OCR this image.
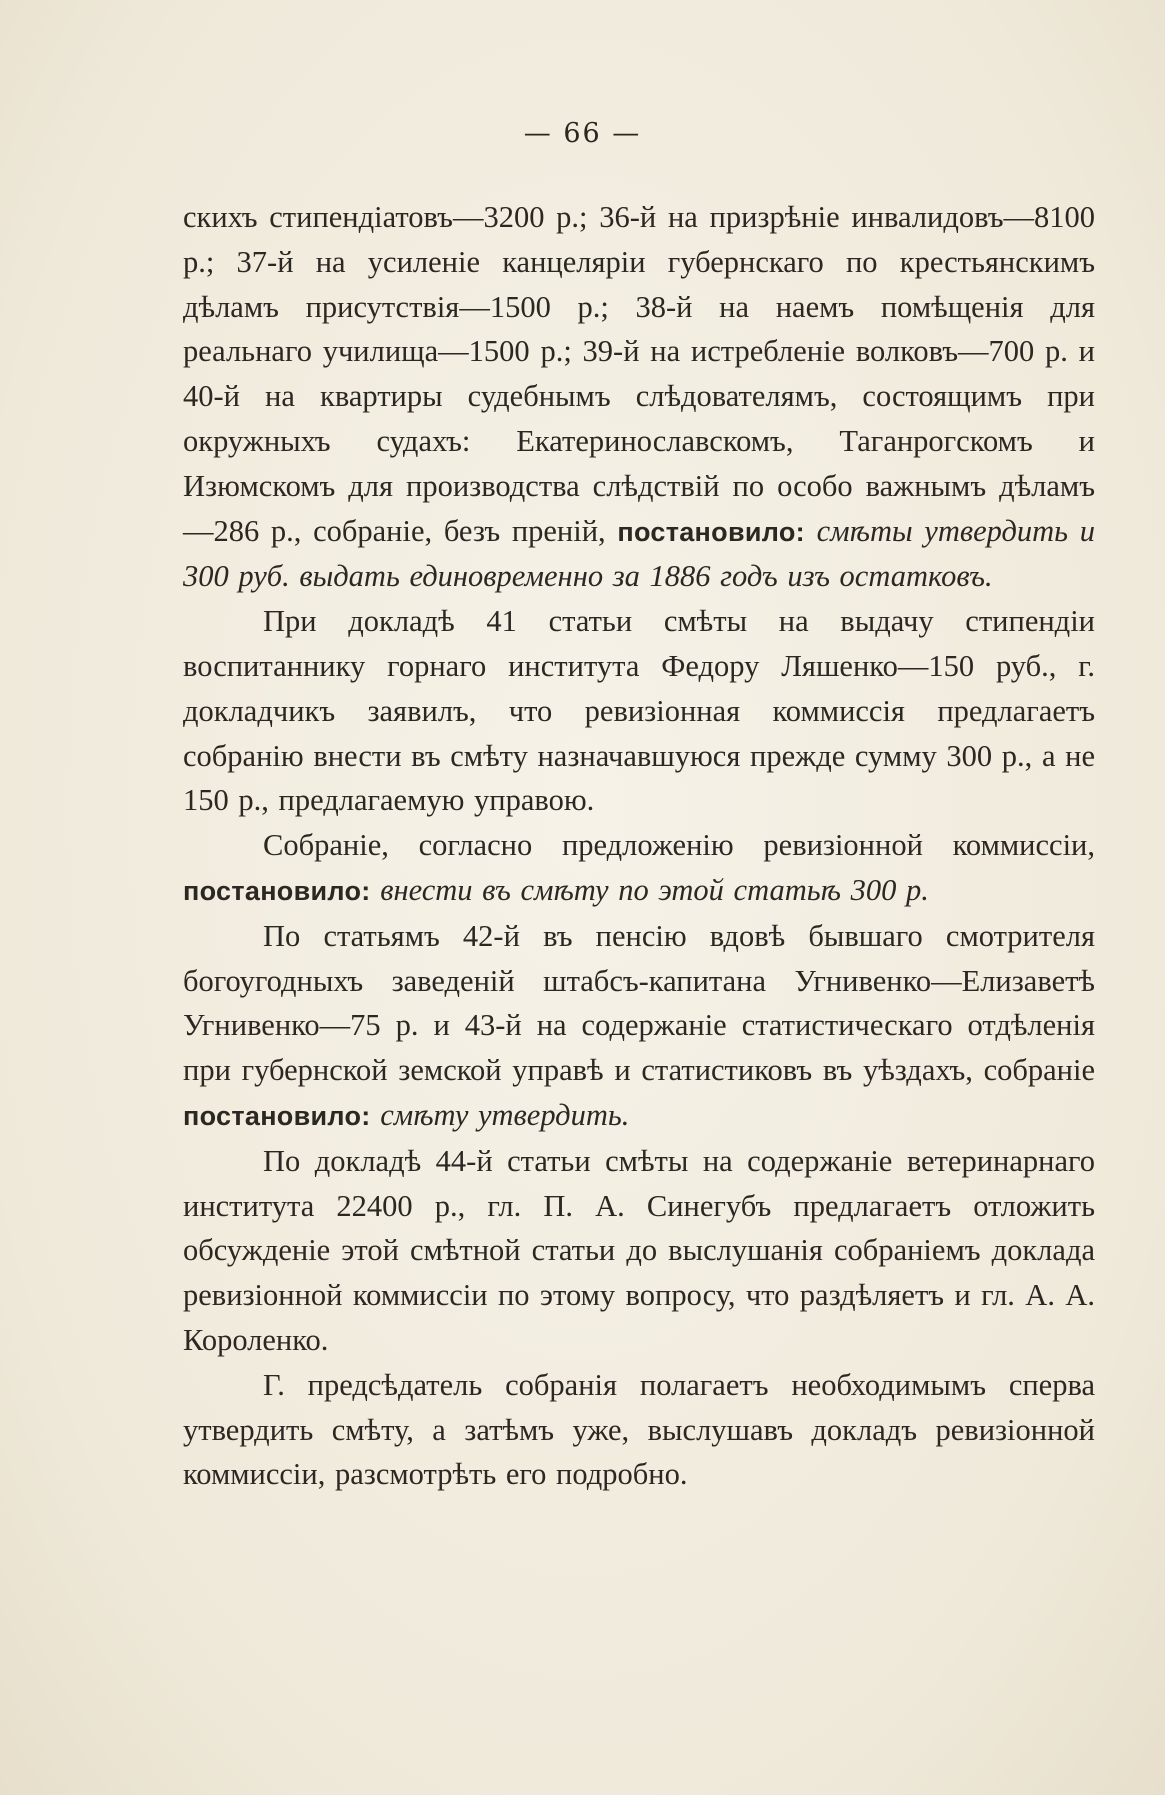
— 66 —

скихъ стипендiатовъ—3200 р.; 36-й на призрѣнiе инвалидовъ—8100 р.; 37-й на усиленiе канцелярiи губернскаго по крестьянскимъ дѣламъ присутствiя—1500 р.; 38-й на наемъ помѣщенiя для реальнаго училища—1500 р.; 39-й на истребленiе волковъ—700 р. и 40-й на квартиры судебнымъ слѣдователямъ, состоящимъ при окружныхъ судахъ: Екатеринославскомъ, Таганрогскомъ и Изюмскомъ для производства слѣдствiй по особо важнымъ дѣламъ—286 р., собранiе, безъ пренiй, постановило: смѣты утвердить и 300 руб. выдать единовременно за 1886 годъ изъ остатковъ.

При докладѣ 41 статьи смѣты на выдачу стипендiи воспитаннику горнаго института Федору Ляшенко—150 руб., г. докладчикъ заявилъ, что ревизiонная коммиссiя предлагаетъ собранiю внести въ смѣту назначавшуюся прежде сумму 300 р., а не 150 р., предлагаемую управою.

Собранiе, согласно предложенiю ревизiонной коммиссiи, постановило: внести въ смѣту по этой статьѣ 300 р.

По статьямъ 42-й въ пенсiю вдовѣ бывшаго смотрителя богоугодныхъ заведенiй штабсъ-капитана Угнивенко—Елизаветѣ Угнивенко—75 р. и 43-й на содержанiе статистическаго отдѣленiя при губернской земской управѣ и статистиковъ въ уѣздахъ, собранiе постановило: смѣту утвердить.

По докладѣ 44-й статьи смѣты на содержанiе ветеринарнаго института 22400 р., гл. П. А. Синегубъ предлагаетъ отложить обсужденiе этой смѣтной статьи до выслушанiя собранiемъ доклада ревизiонной коммиссiи по этому вопросу, что раздѣляетъ и гл. А. А. Короленко.

Г. предсѣдатель собранiя полагаетъ необходимымъ сперва утвердить смѣту, а затѣмъ уже, выслушавъ докладъ ревизiонной коммиссiи, разсмотрѣть его подробно.
